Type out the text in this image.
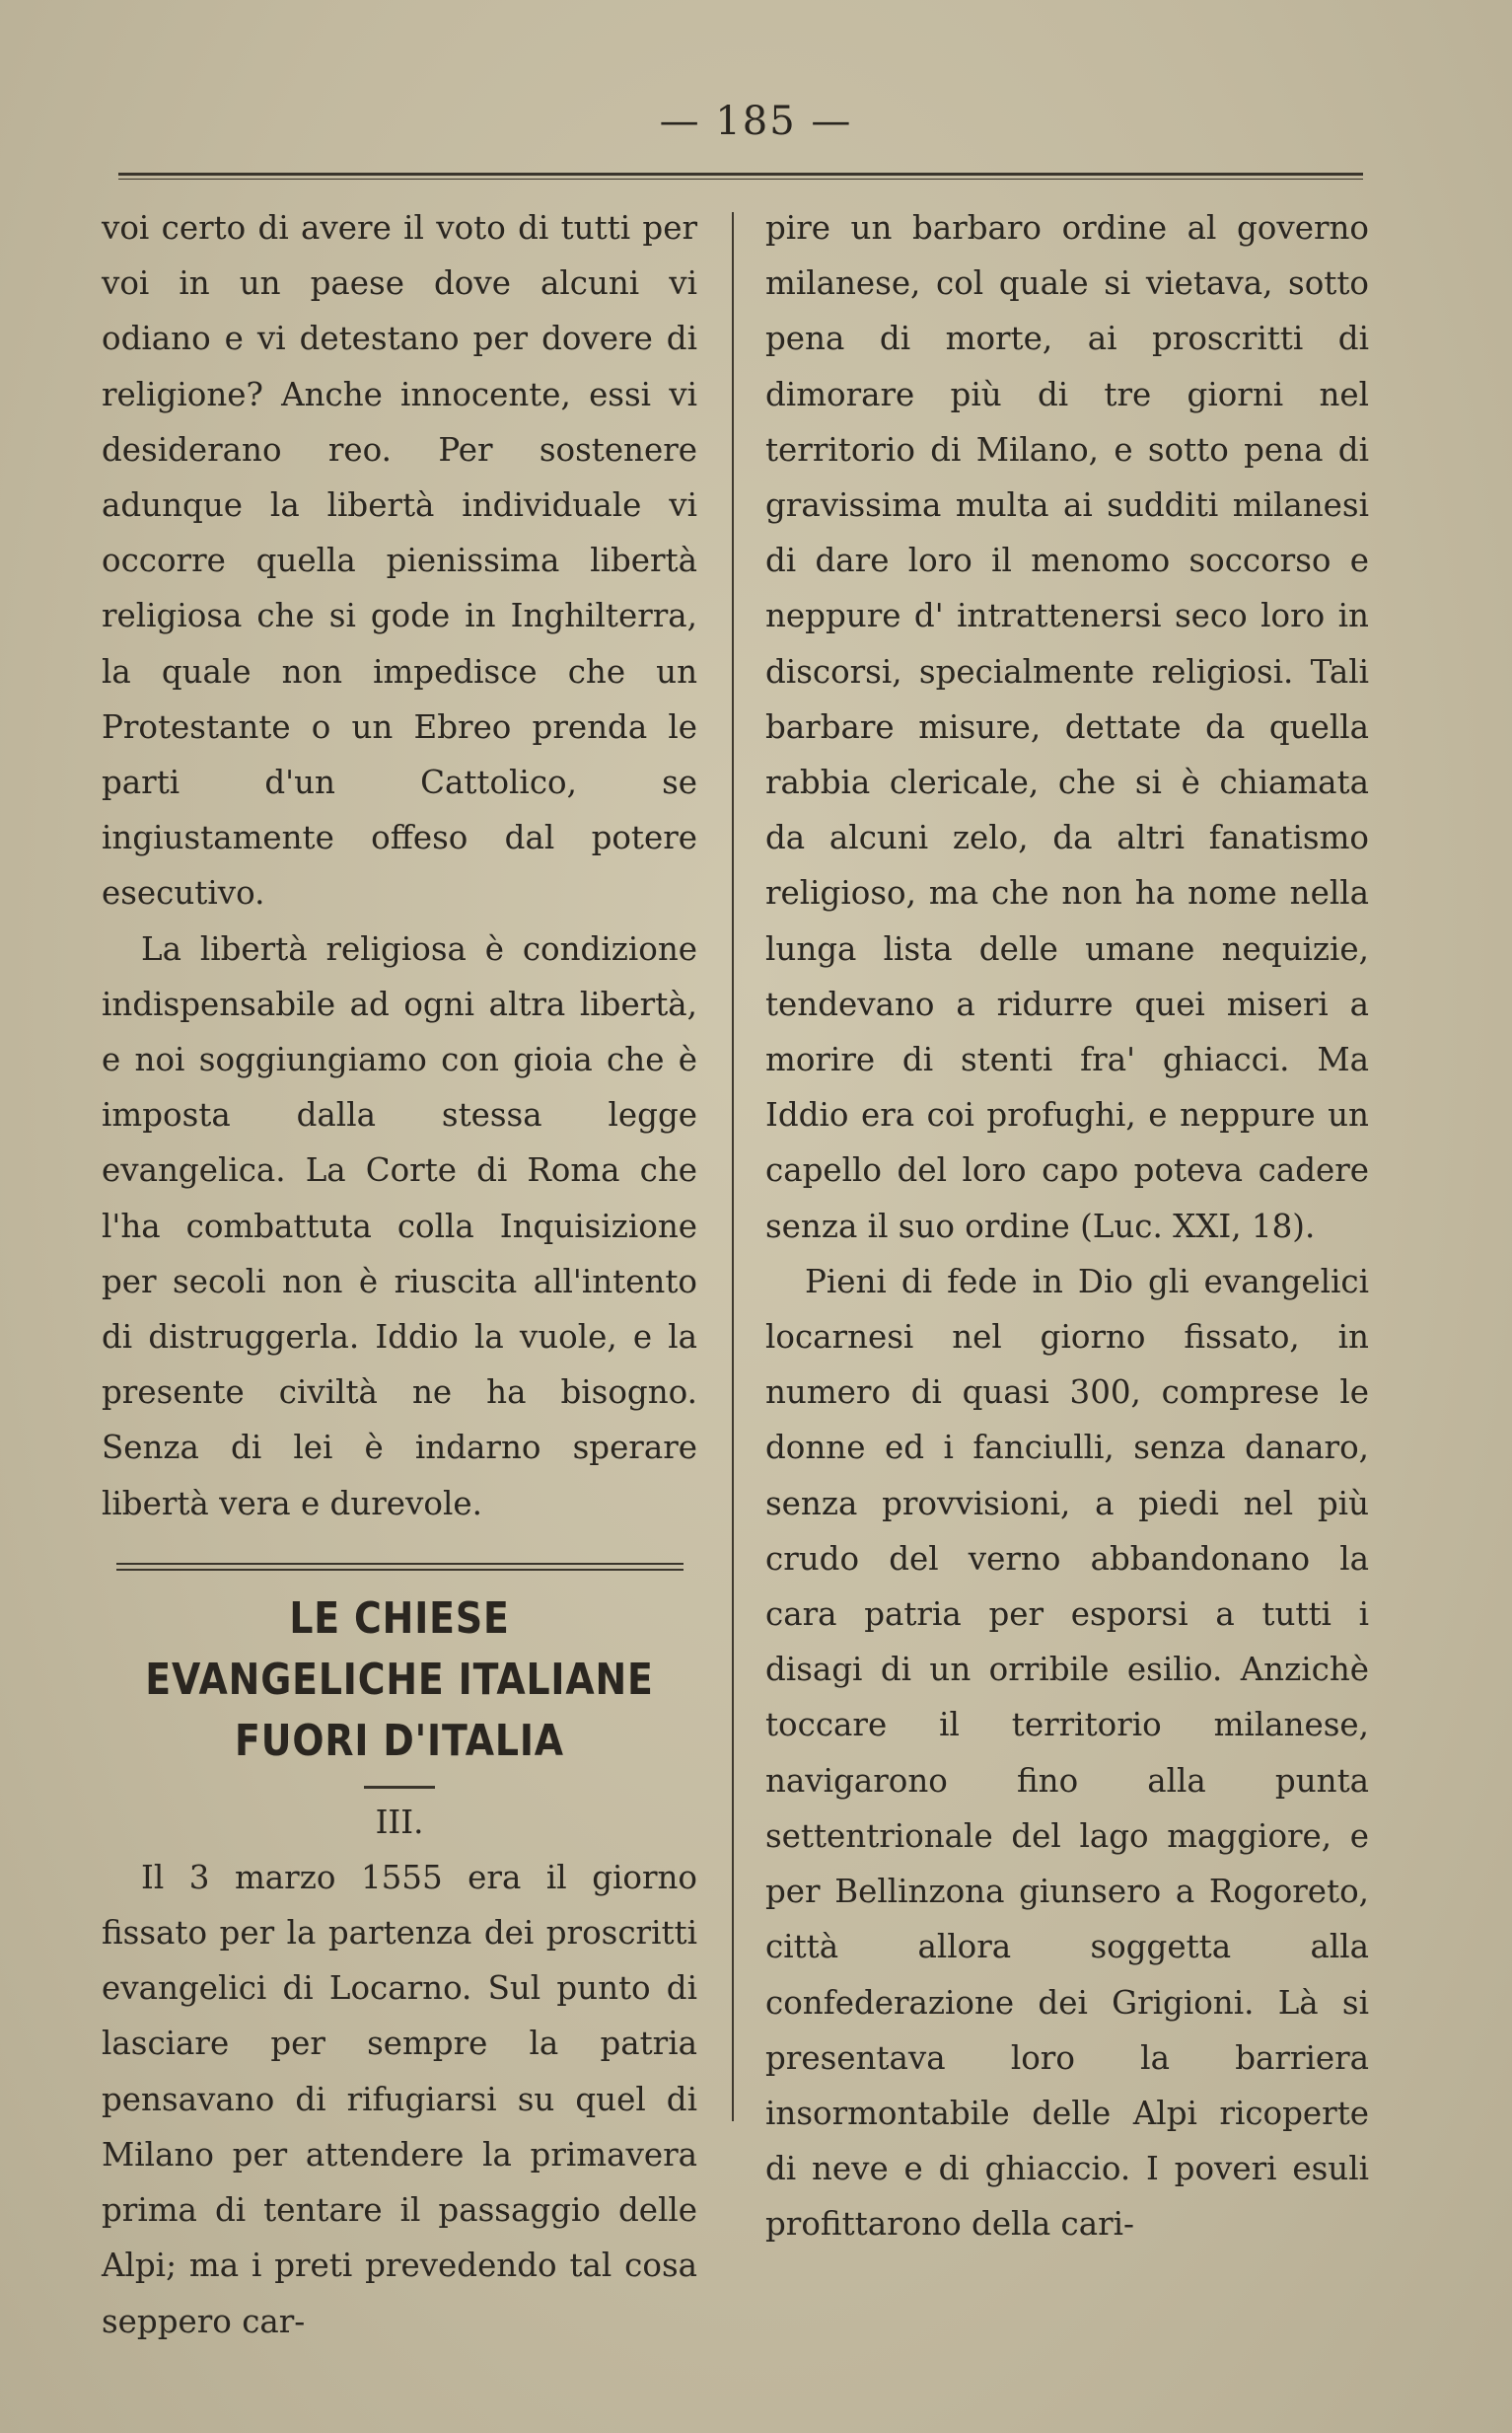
— 185 —

voi certo di avere il voto di tutti per voi in un paese dove alcuni vi odiano e vi detestano per dovere di religione? Anche innocente, essi vi desiderano reo. Per sostenere adunque la libertà individuale vi occorre quella pienissima libertà religiosa che si gode in Inghilterra, la quale non impedisce che un Protestante o un Ebreo prenda le parti d'un Cattolico, se ingiustamente offeso dal potere esecutivo.

La libertà religiosa è condizione indispensabile ad ogni altra libertà, e noi soggiungiamo con gioia che è imposta dalla stessa legge evangelica. La Corte di Roma che l'ha combattuta colla Inquisizione per secoli non è riuscita all'intento di distruggerla. Iddio la vuole, e la presente civiltà ne ha bisogno. Senza di lei è indarno sperare libertà vera e durevole.

LE CHIESE
EVANGELICHE ITALIANE
FUORI D'ITALIA
III.

Il 3 marzo 1555 era il giorno fissato per la partenza dei proscritti evangelici di Locarno. Sul punto di lasciare per sempre la patria pensavano di rifugiarsi su quel di Milano per attendere la primavera prima di tentare il passaggio delle Alpi; ma i preti prevedendo tal cosa seppero car-

pire un barbaro ordine al governo milanese, col quale si vietava, sotto pena di morte, ai proscritti di dimorare più di tre giorni nel territorio di Milano, e sotto pena di gravissima multa ai sudditi milanesi di dare loro il menomo soccorso e neppure d' intrattenersi seco loro in discorsi, specialmente religiosi. Tali barbare misure, dettate da quella rabbia clericale, che si è chiamata da alcuni zelo, da altri fanatismo religioso, ma che non ha nome nella lunga lista delle umane nequizie, tendevano a ridurre quei miseri a morire di stenti fra' ghiacci. Ma Iddio era coi profughi, e neppure un capello del loro capo poteva cadere senza il suo ordine (Luc. XXI, 18).

Pieni di fede in Dio gli evangelici locarnesi nel giorno fissato, in numero di quasi 300, comprese le donne ed i fanciulli, senza danaro, senza provvisioni, a piedi nel più crudo del verno abbandonano la cara patria per esporsi a tutti i disagi di un orribile esilio. Anzichè toccare il territorio milanese, navigarono fino alla punta settentrionale del lago maggiore, e per Bellinzona giunsero a Rogoreto, città allora soggetta alla confederazione dei Grigioni. Là si presentava loro la barriera insormontabile delle Alpi ricoperte di neve e di ghiaccio. I poveri esuli profittarono della cari-
